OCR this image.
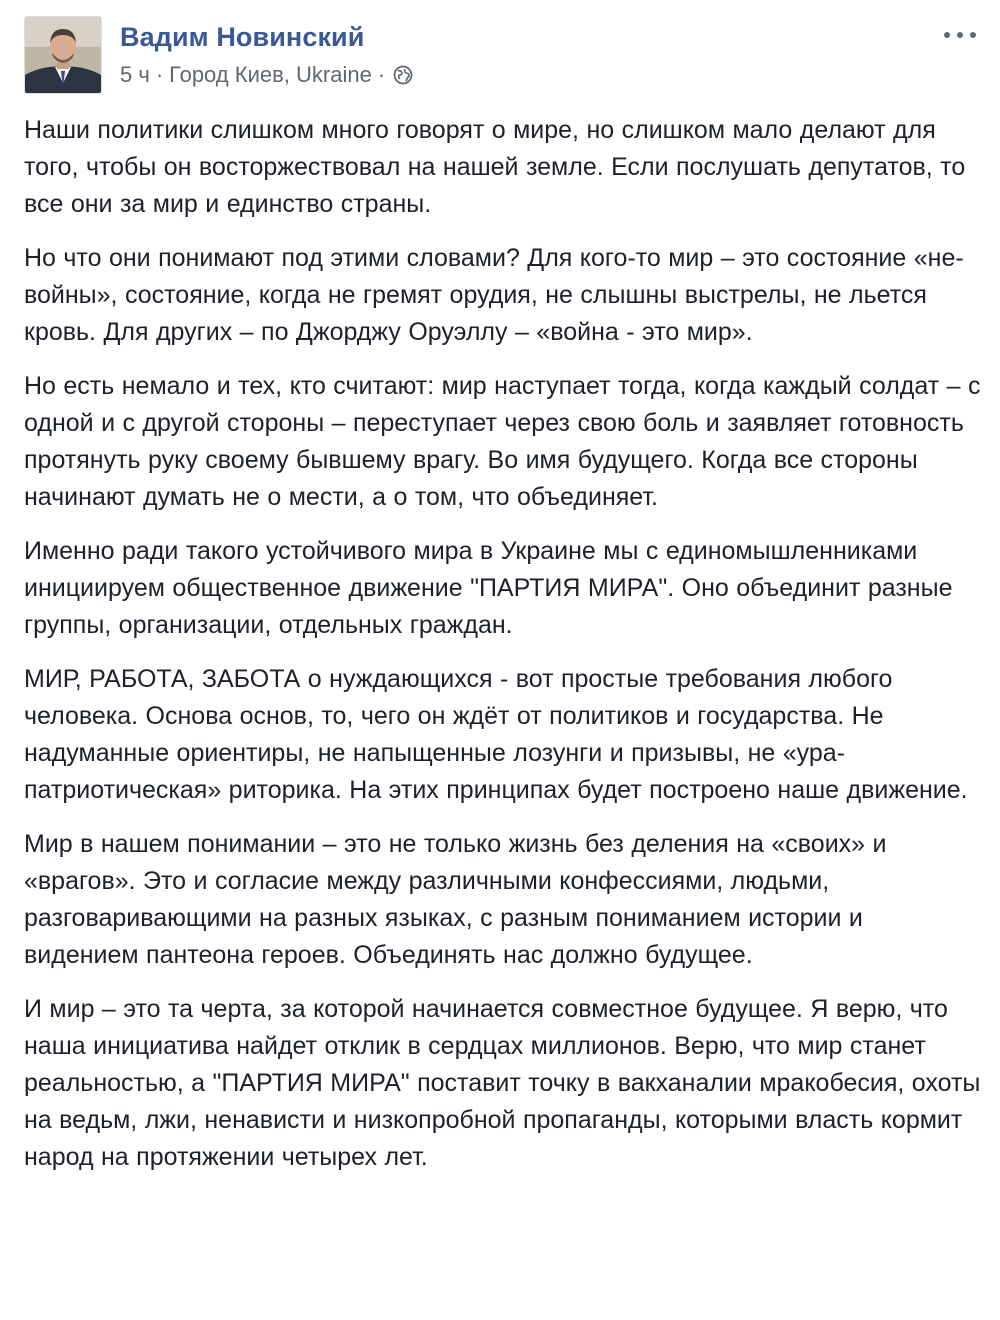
Вадим Новинский
5 ч · Город Киев, Ukraine ·

Наши политики слишком много говорят о мире, но слишком мало делают для того, чтобы он восторжествовал на нашей земле. Если послушать депутатов, то все они за мир и единство страны.

Но что они понимают под этими словами? Для кого-то мир – это состояние «не-войны», состояние, когда не гремят орудия, не слышны выстрелы, не льется кровь. Для других – по Джорджу Оруэллу – «война - это мир».

Но есть немало и тех, кто считают: мир наступает тогда, когда каждый солдат – с одной и с другой стороны – переступает через свою боль и заявляет готовность протянуть руку своему бывшему врагу. Во имя будущего. Когда все стороны начинают думать не о мести, а о том, что объединяет.

Именно ради такого устойчивого мира в Украине мы с единомышленниками инициируем общественное движение "ПАРТИЯ МИРА". Оно объединит разные группы, организации, отдельных граждан.

МИР, РАБОТА, ЗАБОТА о нуждающихся - вот простые требования любого человека. Основа основ, то, чего он ждёт от политиков и государства. Не надуманные ориентиры, не напыщенные лозунги и призывы, не «ура-патриотическая» риторика. На этих принципах будет построено наше движение.

Мир в нашем понимании – это не только жизнь без деления на «своих» и «врагов». Это и согласие между различными конфессиями, людьми, разговаривающими на разных языках, с разным пониманием истории и видением пантеона героев. Объединять нас должно будущее.

И мир – это та черта, за которой начинается совместное будущее. Я верю, что наша инициатива найдет отклик в сердцах миллионов. Верю, что мир станет реальностью, а "ПАРТИЯ МИРА" поставит точку в вакханалии мракобесия, охоты на ведьм, лжи, ненависти и низкопробной пропаганды, которыми власть кормит народ на протяжении четырех лет.
